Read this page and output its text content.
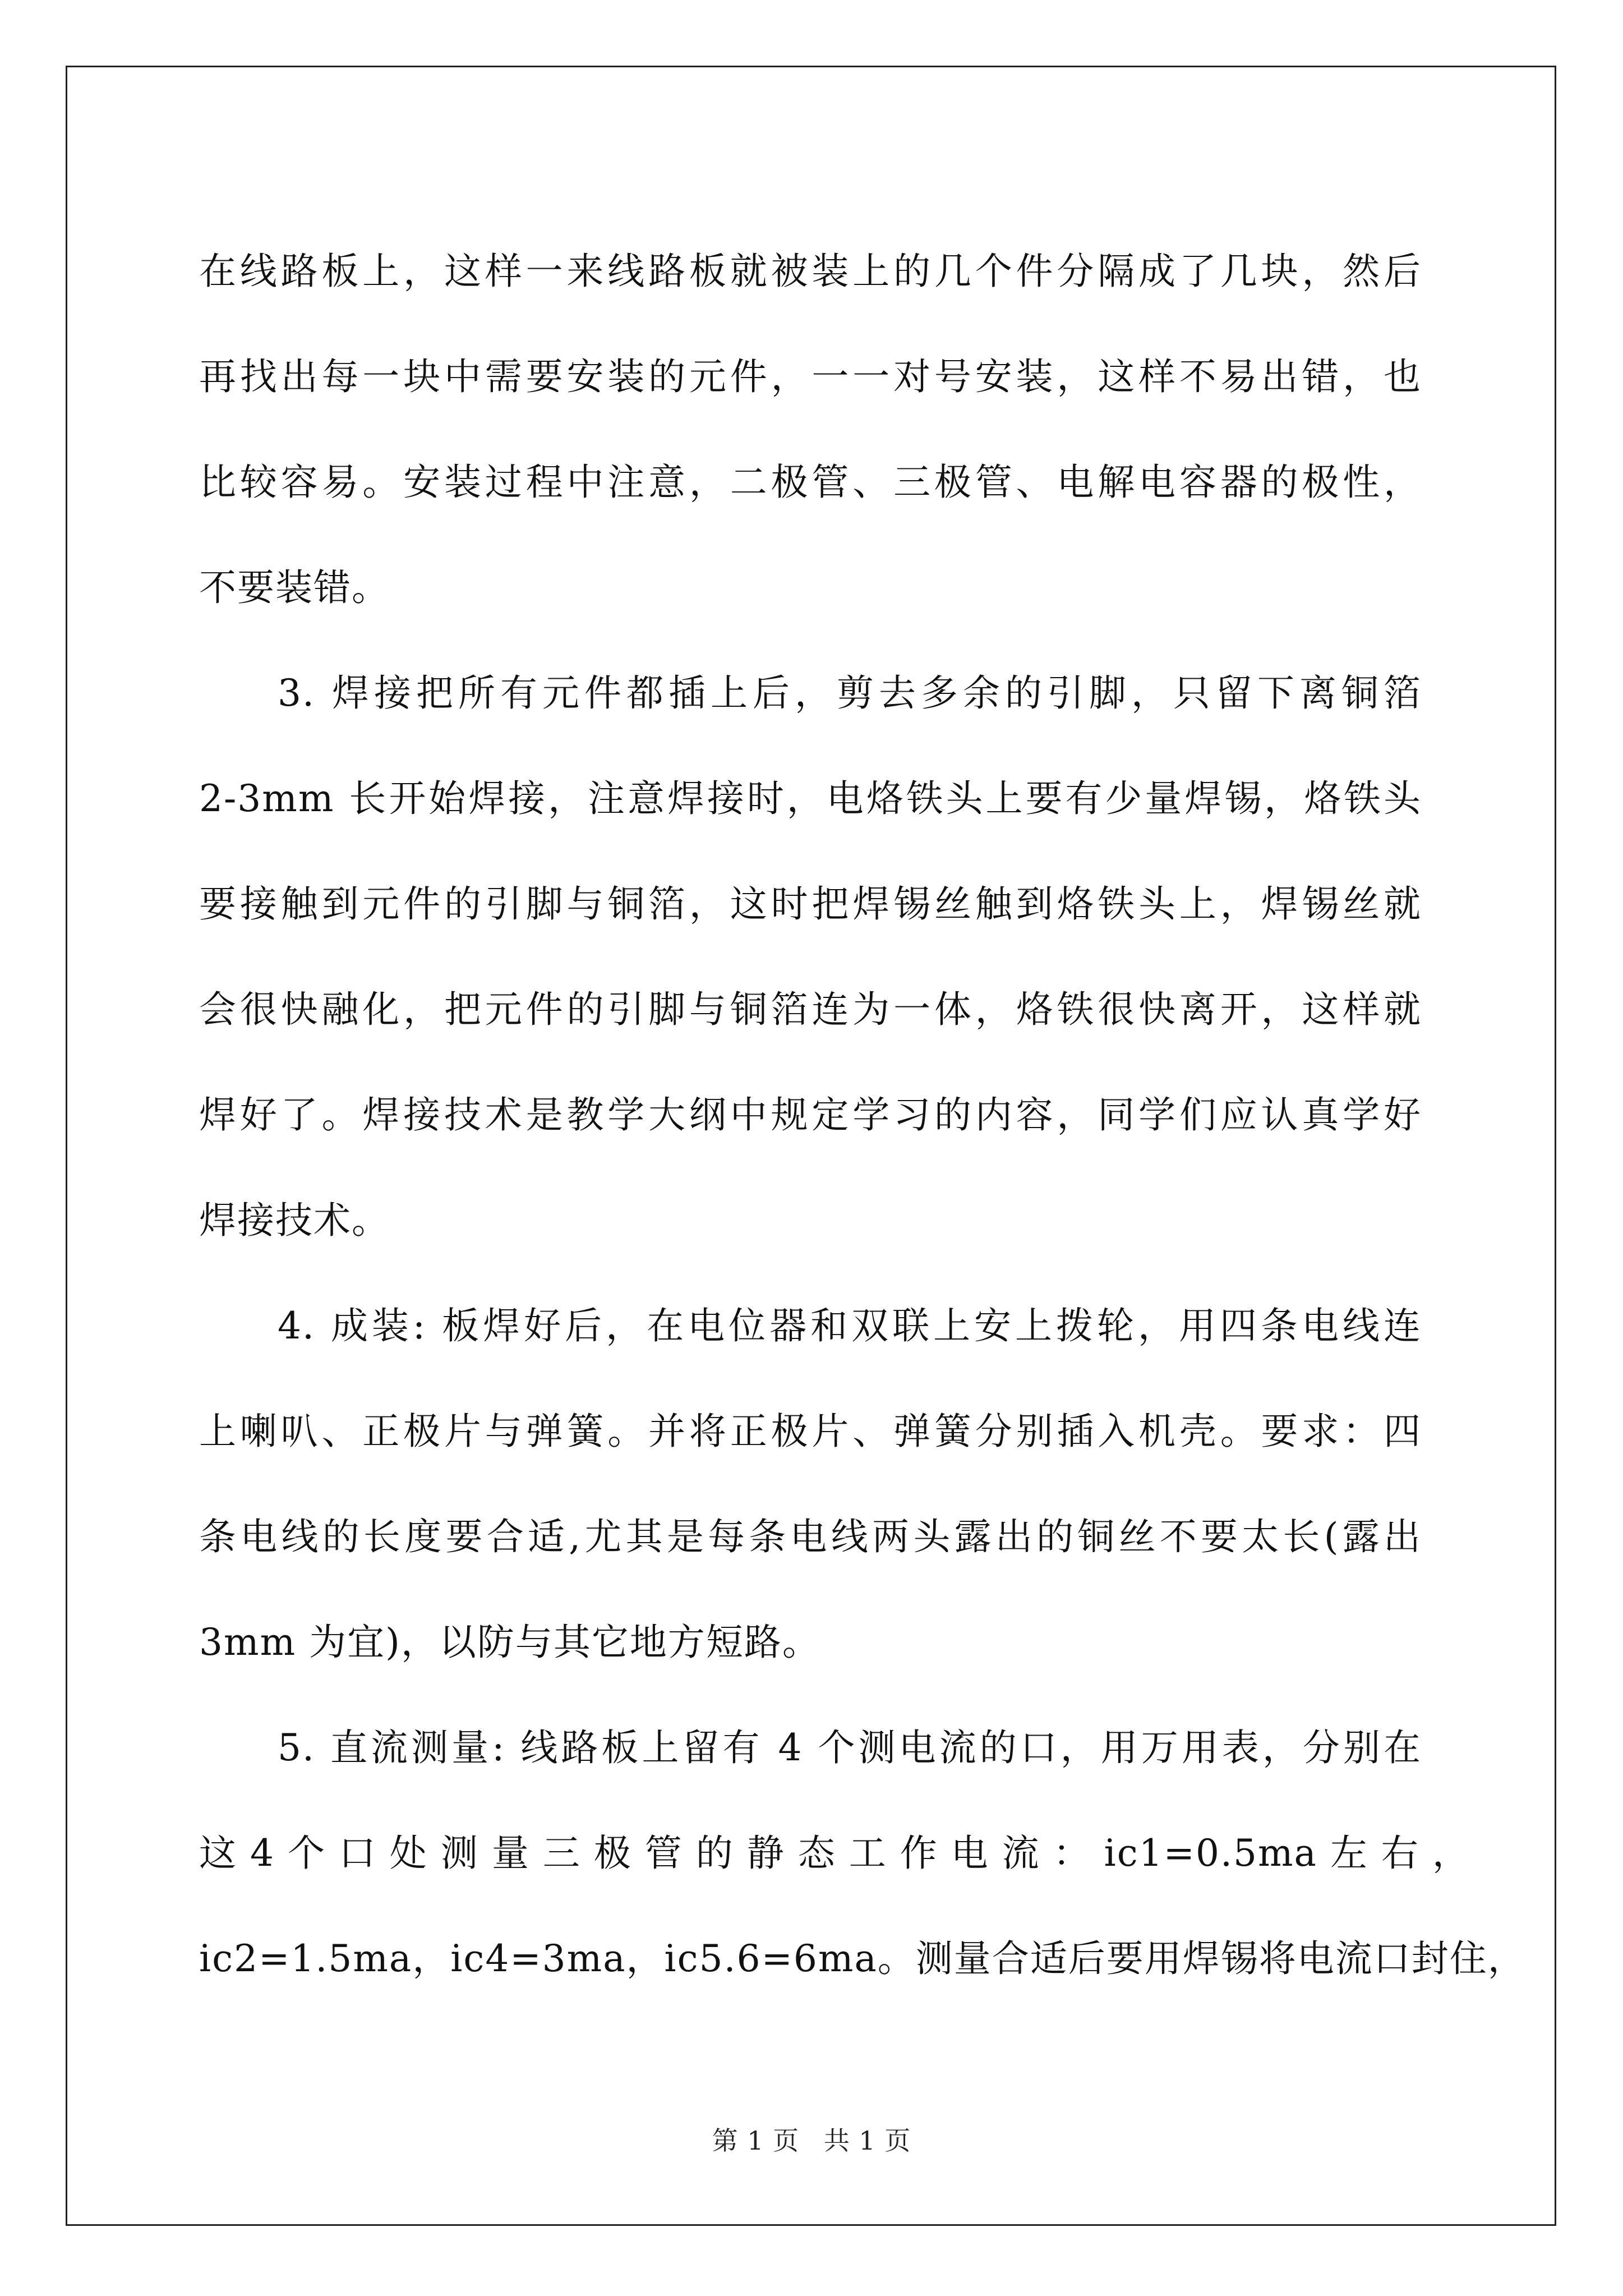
在线路板上，这样一来线路板就被装上的几个件分隔成了几块，然后
再找出每一块中需要安装的元件，一一对号安装，这样不易出错，也
比较容易。安装过程中注意，二极管、三极管、电解电容器的极性，
不要装错。
3. 焊接把所有元件都插上后，剪去多余的引脚，只留下离铜箔
2-3mm 长开始焊接，注意焊接时，电烙铁头上要有少量焊锡，烙铁头
要接触到元件的引脚与铜箔，这时把焊锡丝触到烙铁头上，焊锡丝就
会很快融化，把元件的引脚与铜箔连为一体，烙铁很快离开，这样就
焊好了。焊接技术是教学大纲中规定学习的内容，同学们应认真学好
焊接技术。
4. 成装: 板焊好后，在电位器和双联上安上拨轮，用四条电线连
上喇叭、正极片与弹簧。并将正极片、弹簧分别插入机壳。要求：四
条电线的长度要合适,尤其是每条电线两头露出的铜丝不要太长(露出
3mm 为宜)，以防与其它地方短路。
5. 直流测量: 线路板上留有 4 个测电流的口，用万用表，分别在
这 4 个 口 处 测 量 三 极 管 的 静 态 工 作 电 流 ： ic1=0.5ma 左 右 ，
ic2=1.5ma，ic4=3ma，ic5.6=6ma。测量合适后要用焊锡将电流口封住，
第 1 页 共 1 页
